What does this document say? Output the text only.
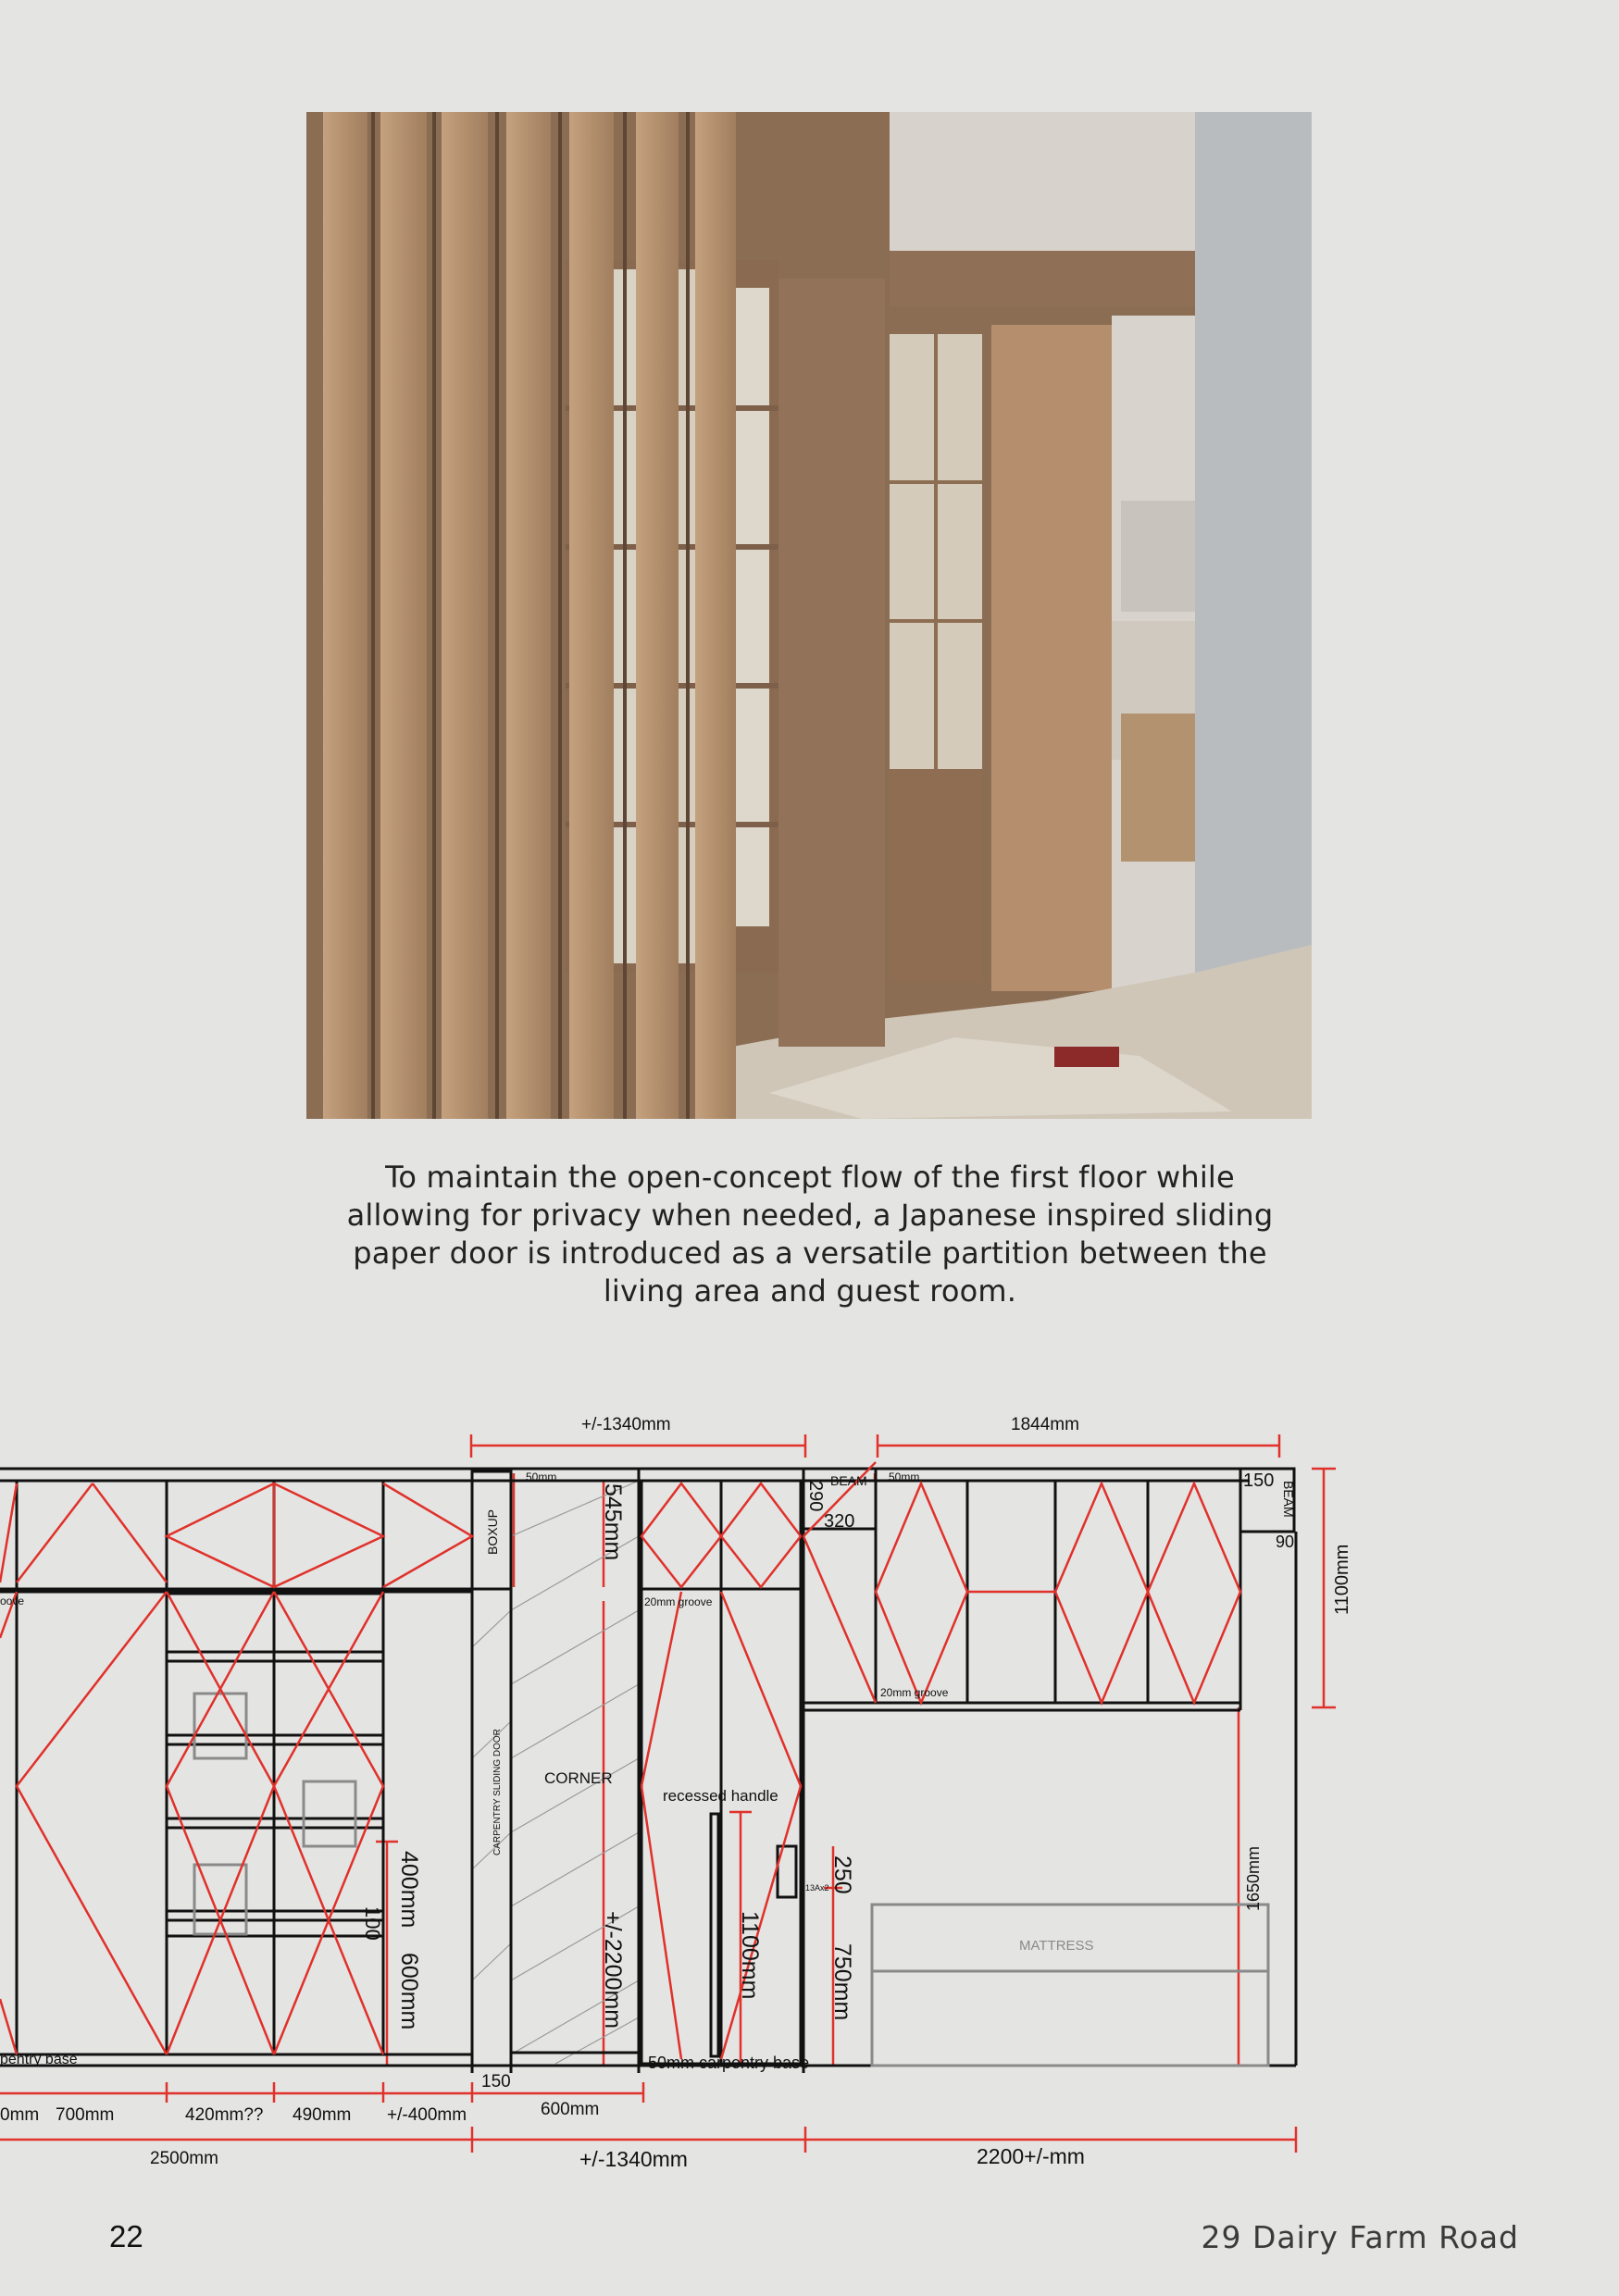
To maintain the open-concept flow of the first floor while allowing for privacy when needed, a Japanese inspired sliding paper door is introduced as a versatile partition between the living area and guest room.
+/-1340mm	1844mm
50mm	50mm
BEAM	150
90
320
20mm groove
20mm groove
oove
CORNER
recessed handle
13Ax2
MATTRESS
pentry base	50mm carpentry base
150
600mm
0mm 700mm	420mm?? 490mm +/-400mm
2500mm	+/-1340mm	2200+/-mm
BOXUP
CARPENTRY SLIDING DOOR
545mm	290	BEAM
1100mm
1650mm
400mm
100
600mm	+/-2200mm	1100mm
250
750mm
22	29 Dairy Farm Road
